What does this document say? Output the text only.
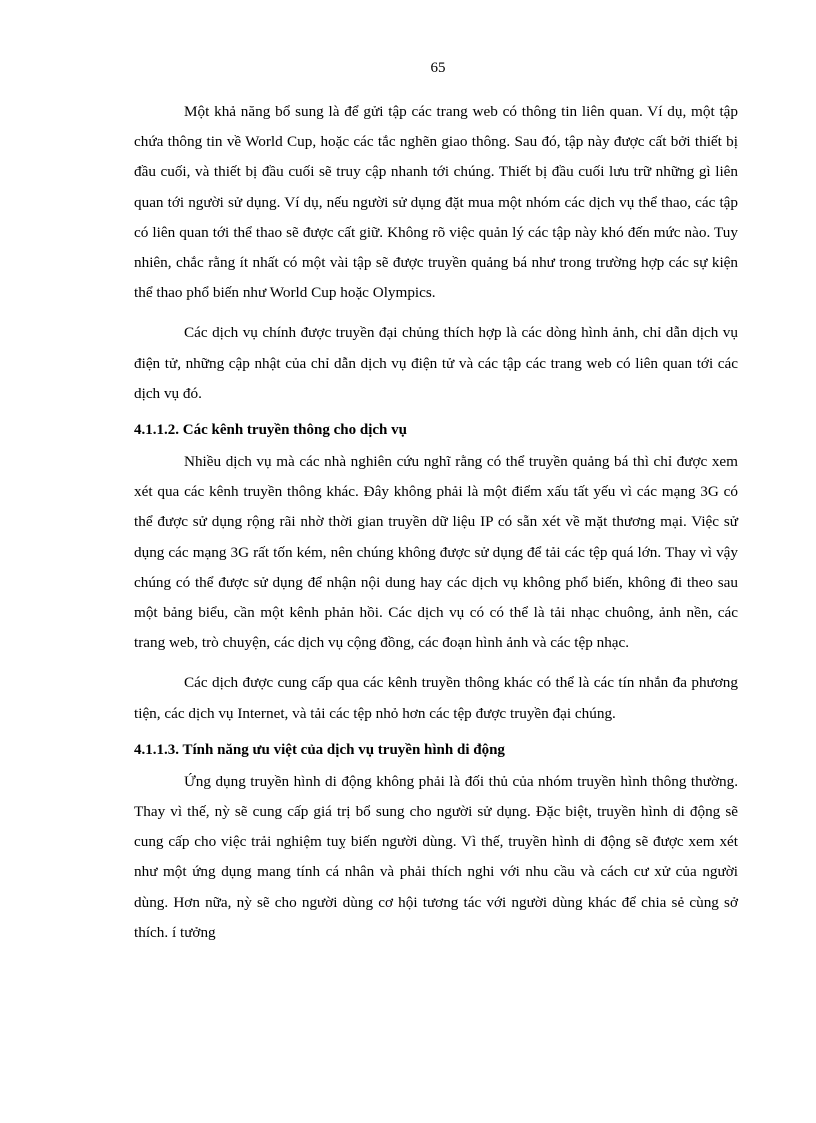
65

Một khả năng bổ sung là để gửi tập các trang web có thông tin liên quan. Ví dụ, một tập chứa thông tin về World Cup, hoặc các tắc nghẽn giao thông. Sau đó, tập này được cất bởi thiết bị đầu cuối, và thiết bị đầu cuối sẽ truy cập nhanh tới chúng. Thiết bị đầu cuối lưu trữ những gì liên quan tới người sử dụng. Ví dụ, nếu người sử dụng đặt mua một nhóm các dịch vụ thể thao, các tập có liên quan tới thể thao sẽ được cất giữ. Không rõ việc quản lý các tập này khó đến mức nào. Tuy nhiên, chắc rằng ít nhất có một vài tập sẽ được truyền quảng bá như trong trường hợp các sự kiện thể thao phổ biến như World Cup hoặc Olympics.

Các dịch vụ chính được truyền đại chủng thích hợp là các dòng hình ảnh, chỉ dẫn dịch vụ điện tử, những cập nhật của chỉ dẫn dịch vụ điện tử và các tập các trang web có liên quan tới các dịch vụ đó.

4.1.1.2. Các kênh truyền thông cho dịch vụ

Nhiều dịch vụ mà các nhà nghiên cứu nghĩ rằng có thể truyền quảng bá thì chỉ được xem xét qua các kênh truyền thông khác. Đây không phải là một điểm xấu tất yếu vì các mạng 3G có thể được sử dụng rộng rãi nhờ thời gian truyền dữ liệu IP có sẵn xét về mặt thương mại. Việc sử dụng các mạng 3G rất tốn kém, nên chúng không được sử dụng để tải các tệp quá lớn. Thay vì vậy chúng có thể được sử dụng để nhận nội dung hay các dịch vụ không phổ biến, không đi theo sau một bảng biểu, cần một kênh phản hồi. Các dịch vụ có có thể là tải nhạc chuông, ảnh nền, các trang web, trò chuyện, các dịch vụ cộng đồng, các đoạn hình ảnh và các tệp nhạc.

Các dịch được cung cấp qua các kênh truyền thông khác có thể là các tín nhắn đa phương tiện, các dịch vụ Internet, và tải các tệp nhỏ hơn các tệp được truyền đại chúng.

4.1.1.3. Tính năng ưu việt của dịch vụ truyền hình di động

Ứng dụng truyền hình di động không phải là đối thủ của nhóm truyền hình thông thường. Thay vì thế, nỳ sẽ cung cấp giá trị bổ sung cho người sử dụng. Đặc biệt, truyền hình di động sẽ cung cấp cho việc trải nghiệm tuỵ biến người dùng. Vì thế, truyền hình di động sẽ được xem xét như một ứng dụng mang tính cá nhân và phải thích nghi với nhu cầu và cách cư xử của người dùng. Hơn nữa, nỳ sẽ cho người dùng cơ hội tương tác với người dùng khác để chia sẻ cùng sở thích. í tưởng
